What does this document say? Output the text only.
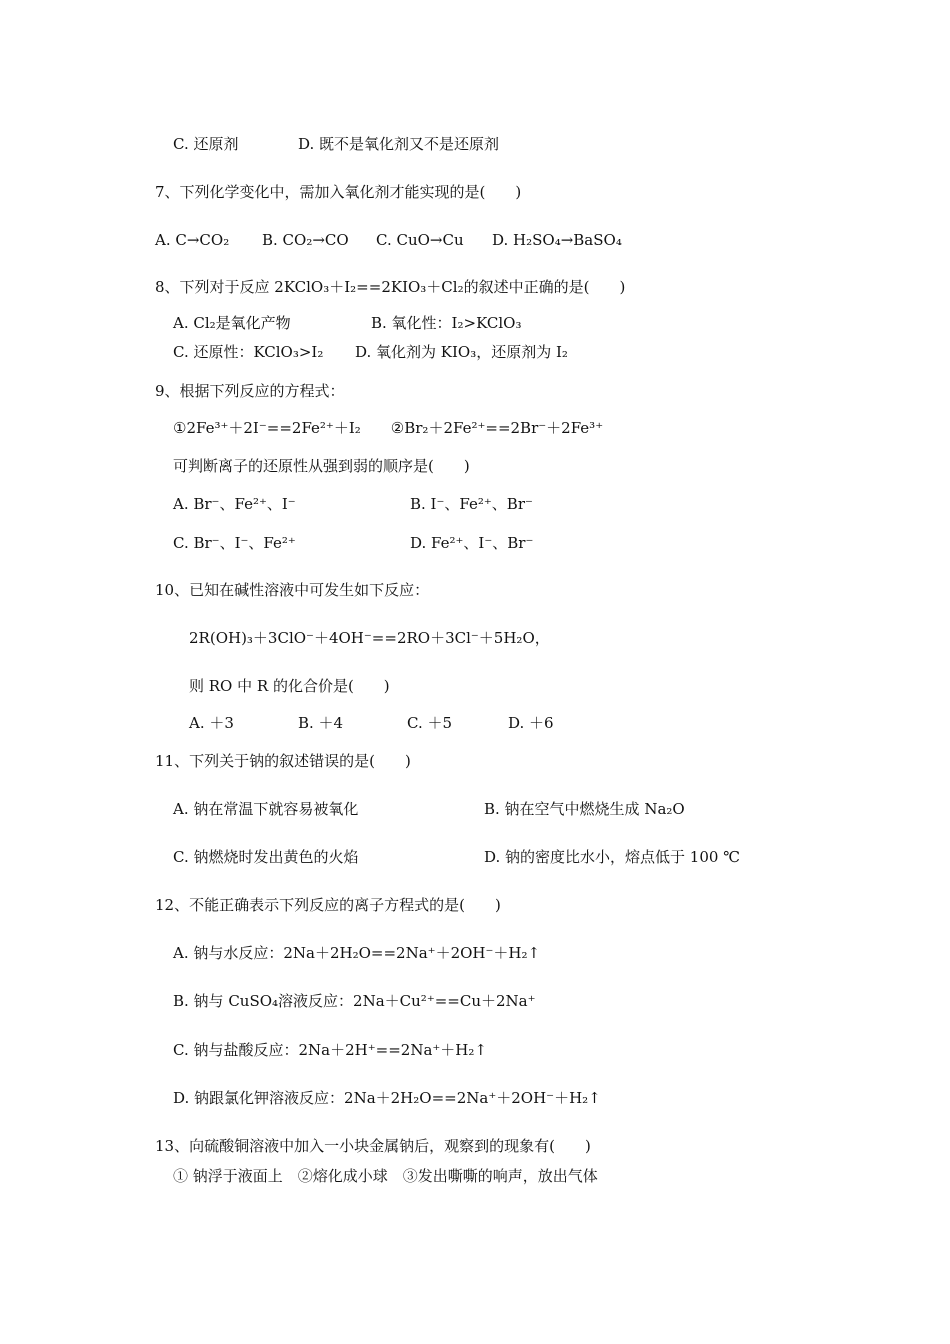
C. 还原剂	D. 既不是氧化剂又不是还原剂
7、下列化学变化中，需加入氧化剂才能实现的是(　　)
A. C→CO₂ B. CO₂→CO C. CuO→Cu D. H₂SO₄→BaSO₄
8、下列对于反应 2KClO₃＋I₂==2KIO₃＋Cl₂的叙述中正确的是(　　)
A. Cl₂是氧化产物	B. 氧化性：I₂>KClO₃
C. 还原性：KClO₃>I₂ D. 氧化剂为 KIO₃，还原剂为 I₂
9、根据下列反应的方程式：
①2Fe³⁺＋2I⁻==2Fe²⁺＋I₂　　②Br₂＋2Fe²⁺==2Br⁻＋2Fe³⁺
可判断离子的还原性从强到弱的顺序是(　　)
A. Br⁻、Fe²⁺、I⁻	B. I⁻、Fe²⁺、Br⁻
C. Br⁻、I⁻、Fe²⁺	D. Fe²⁺、I⁻、Br⁻
10、已知在碱性溶液中可发生如下反应：
2R(OH)₃＋3ClO⁻＋4OH⁻==2RO＋3Cl⁻＋5H₂O，
则 RO 中 R 的化合价是(　　)
A. ＋3	B. ＋4	C. ＋5	D. ＋6
11、下列关于钠的叙述错误的是(　　)
A. 钠在常温下就容易被氧化	B. 钠在空气中燃烧生成 Na₂O
C. 钠燃烧时发出黄色的火焰	D. 钠的密度比水小，熔点低于 100 ℃
12、不能正确表示下列反应的离子方程式的是(　　)
A. 钠与水反应：2Na＋2H₂O==2Na⁺＋2OH⁻＋H₂↑
B. 钠与 CuSO₄溶液反应：2Na＋Cu²⁺==Cu＋2Na⁺
C. 钠与盐酸反应：2Na＋2H⁺==2Na⁺＋H₂↑
D. 钠跟氯化钾溶液反应：2Na＋2H₂O==2Na⁺＋2OH⁻＋H₂↑
13、向硫酸铜溶液中加入一小块金属钠后，观察到的现象有(　　)
① 钠浮于液面上　②熔化成小球　③发出嘶嘶的响声，放出气体
